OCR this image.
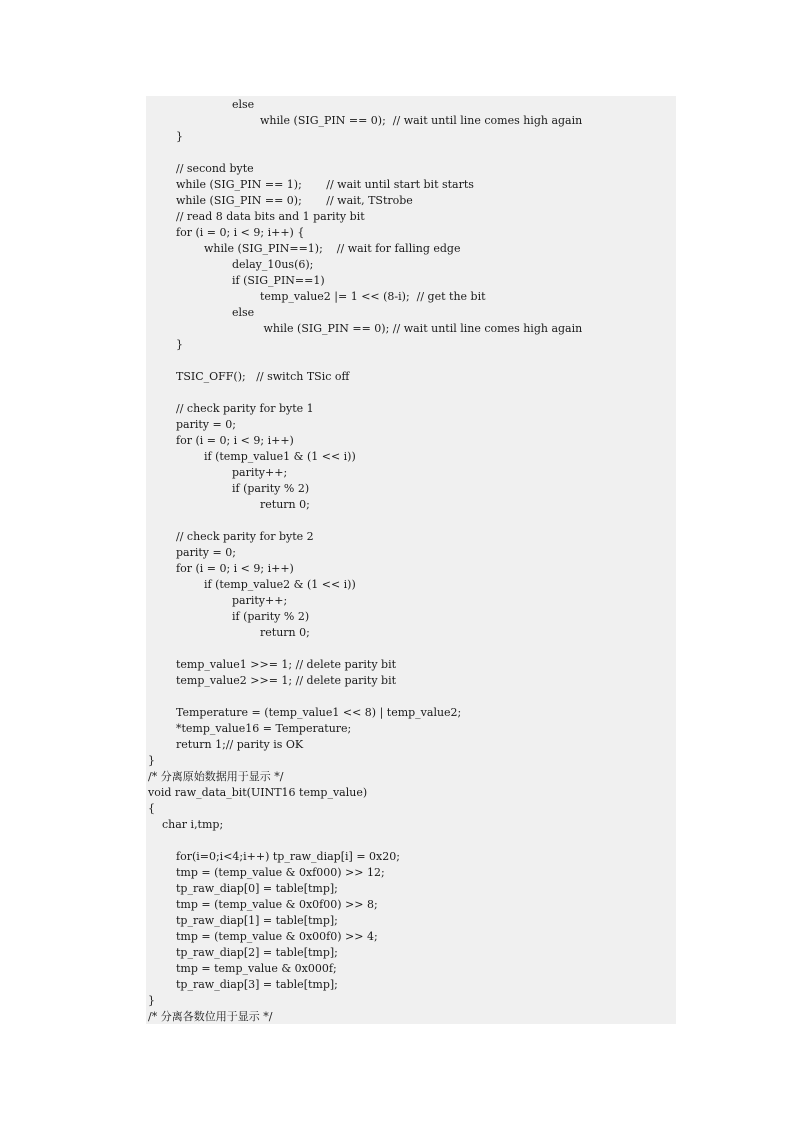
else
while (SIG_PIN == 0);  // wait until line comes high again
}
// second byte
while (SIG_PIN == 1);       // wait until start bit starts
while (SIG_PIN == 0);       // wait, TStrobe
// read 8 data bits and 1 parity bit
for (i = 0; i < 9; i++) {
while (SIG_PIN==1);    // wait for falling edge
delay_10us(6);
if (SIG_PIN==1)
temp_value2 |= 1 << (8-i);  // get the bit
else
while (SIG_PIN == 0); // wait until line comes high again
}
TSIC_OFF();   // switch TSic off
// check parity for byte 1
parity = 0;
for (i = 0; i < 9; i++)
if (temp_value1 & (1 << i))
parity++;
if (parity % 2)
return 0;
// check parity for byte 2
parity = 0;
for (i = 0; i < 9; i++)
if (temp_value2 & (1 << i))
parity++;
if (parity % 2)
return 0;
temp_value1 >>= 1; // delete parity bit
temp_value2 >>= 1; // delete parity bit
Temperature = (temp_value1 << 8) | temp_value2;
*temp_value16 = Temperature;
return 1;// parity is OK
}
/* 分离原始数据用于显示 */
void raw_data_bit(UINT16 temp_value)
{
char i,tmp;
for(i=0;i<4;i++) tp_raw_diap[i] = 0x20;
tmp = (temp_value & 0xf000) >> 12;
tp_raw_diap[0] = table[tmp];
tmp = (temp_value & 0x0f00) >> 8;
tp_raw_diap[1] = table[tmp];
tmp = (temp_value & 0x00f0) >> 4;
tp_raw_diap[2] = table[tmp];
tmp = temp_value & 0x000f;
tp_raw_diap[3] = table[tmp];
}
/* 分离各数位用于显示 */
